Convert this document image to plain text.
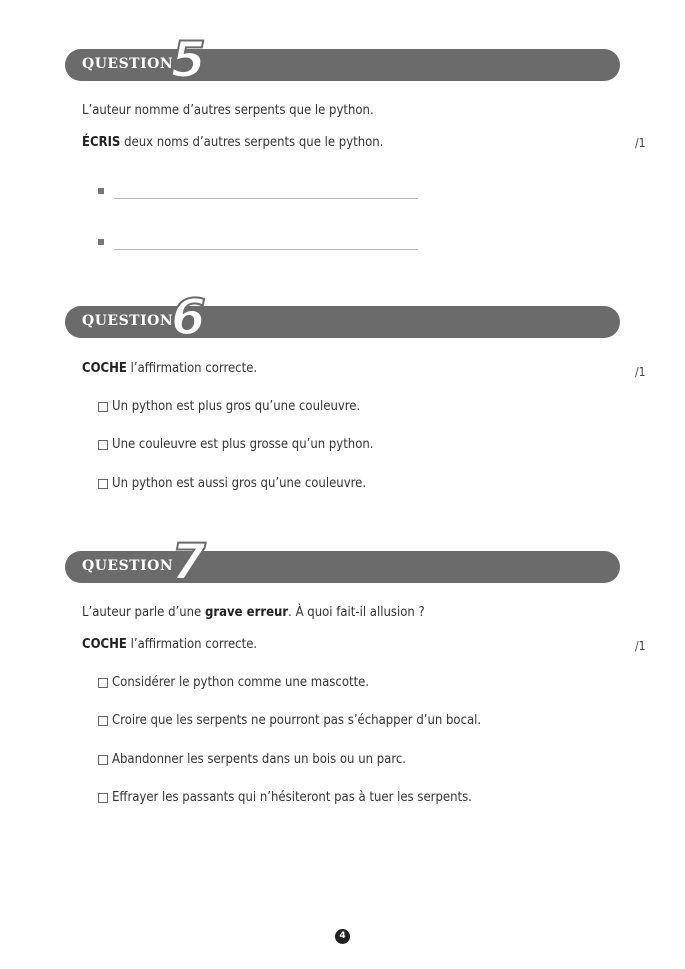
QUESTION
5
L’auteur nomme d’autres serpents que le python.
ÉCRIS deux noms d’autres serpents que le python.	/1
QUESTION
6
COCHE l’affirmation correcte.	/1
Un python est plus gros qu’une couleuvre.
Une couleuvre est plus grosse qu’un python.
Un python est aussi gros qu’une couleuvre.
QUESTION
7
L’auteur parle d’une grave erreur. À quoi fait-il allusion ?
COCHE l’affirmation correcte.	/1
Considérer le python comme une mascotte.
Croire que les serpents ne pourront pas s’échapper d’un bocal.
Abandonner les serpents dans un bois ou un parc.
Effrayer les passants qui n’hésiteront pas à tuer les serpents.
4
